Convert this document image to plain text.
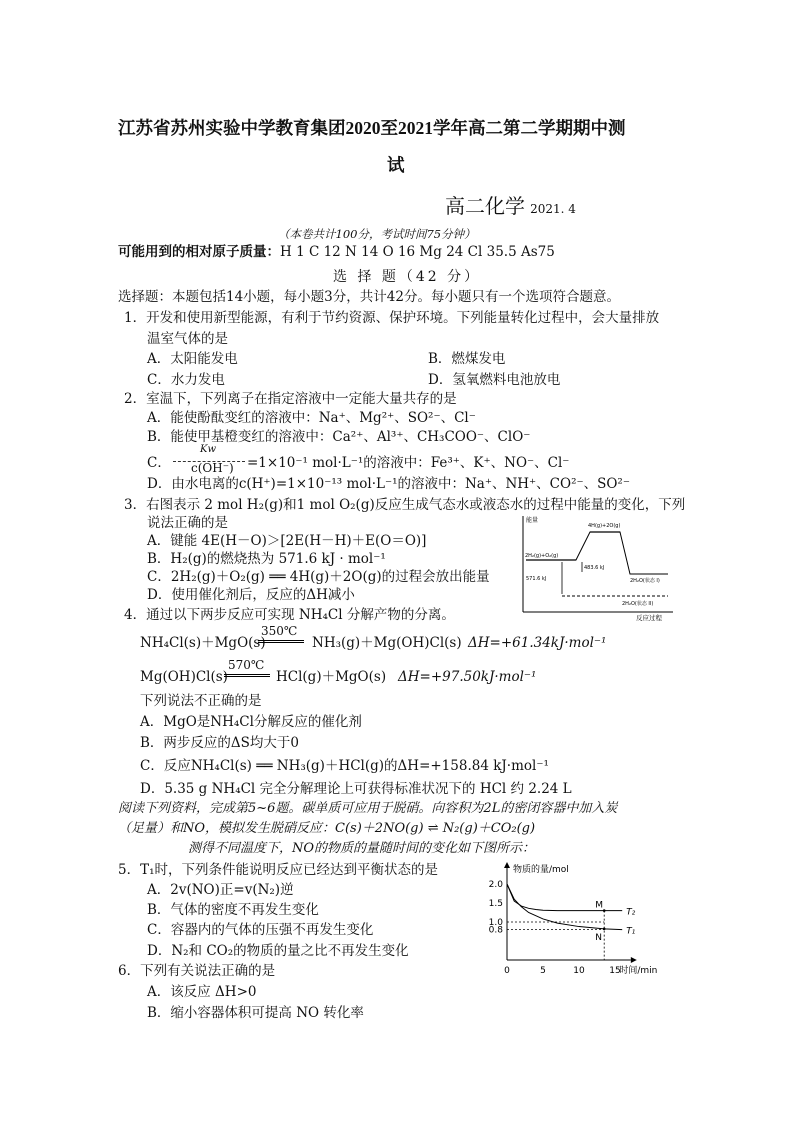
江苏省苏州实验中学教育集团2020至2021学年高二第二学期期中测
试
高二化学 2021. 4
（本卷共计100分，考试时间75分钟）
可能用到的相对原子质量：H 1 C 12 N 14 O 16 Mg 24 Cl 35.5 As75
选 择 题（42 分）
选择题：本题包括14小题，每小题3分，共计42分。每小题只有一个选项符合题意。
1．开发和使用新型能源，有利于节约资源、保护环境。下列能量转化过程中，会大量排放
温室气体的是
A．太阳能发电	B．燃煤发电
C．水力发电	D．氢氧燃料电池放电
2．室温下，下列离子在指定溶液中一定能大量共存的是
A．能使酚酞变红的溶液中：Na⁺、Mg²⁺、SO²⁻、Cl⁻
B．能使甲基橙变红的溶液中：Ca²⁺、Al³⁺、CH₃COO⁻、ClO⁻
C．
Kw
c(OH⁻) =1×10⁻¹ mol·L⁻¹的溶液中：Fe³⁺、K⁺、NO⁻、Cl⁻
D．由水电离的c(H⁺)=1×10⁻¹³ mol·L⁻¹的溶液中：Na⁺、NH⁺、CO²⁻、SO²⁻
3．右图表示 2 mol H₂(g)和1 mol O₂(g)反应生成气态水或液态水的过程中能量的变化，下列
说法正确的是
A．键能 4E(H－O)＞[2E(H－H)＋E(O＝O)]
B．H₂(g)的燃烧热为 571.6 kJ · mol⁻¹
C．2H₂(g)＋O₂(g) ══ 4H(g)＋2O(g)的过程会放出能量
D．使用催化剂后，反应的ΔH减小
能量
反应过程
4H(g)+2O(g)
2H₂(g)+O₂(g)
571.6 kJ
483.6 kJ
2H₂O(状态 I)
2H₂O(状态 II)
4．通过以下两步反应可实现 NH₄Cl 分解产物的分离。
NH₄Cl(s)＋MgO(s)
350℃
NH₃(g)＋Mg(OH)Cl(s) ΔH=+61.34kJ·mol⁻¹
Mg(OH)Cl(s)
570℃
HCl(g)＋MgO(s) ΔH=+97.50kJ·mol⁻¹
下列说法不正确的是
A．MgO是NH₄Cl分解反应的催化剂
B．两步反应的ΔS均大于0
C．反应NH₄Cl(s) ══ NH₃(g)＋HCl(g)的ΔH=+158.84 kJ·mol⁻¹
D．5.35 g NH₄Cl 完全分解理论上可获得标准状况下的 HCl 约 2.24 L
阅读下列资料，完成第5~6题。碳单质可应用于脱硝。向容积为2L的密闭容器中加入炭
（足量）和NO，模拟发生脱硝反应：C(s)＋2NO(g) ⇌ N₂(g)＋CO₂(g)
测得不同温度下，NO的物质的量随时间的变化如下图所示：
5．T₁时，下列条件能说明反应已经达到平衡状态的是
A．2v(NO)正=v(N₂)逆
B．气体的密度不再发生变化
C．容器内的气体的压强不再发生变化
D．N₂和 CO₂的物质的量之比不再发生变化
6．下列有关说法正确的是
A．该反应 ΔH>0
B．缩小容器体积可提高 NO 转化率
物质的量/mol
时间/min
0	5	10	15
2.0
1.5
1.0
0.8
T₂
T₁
M
N
